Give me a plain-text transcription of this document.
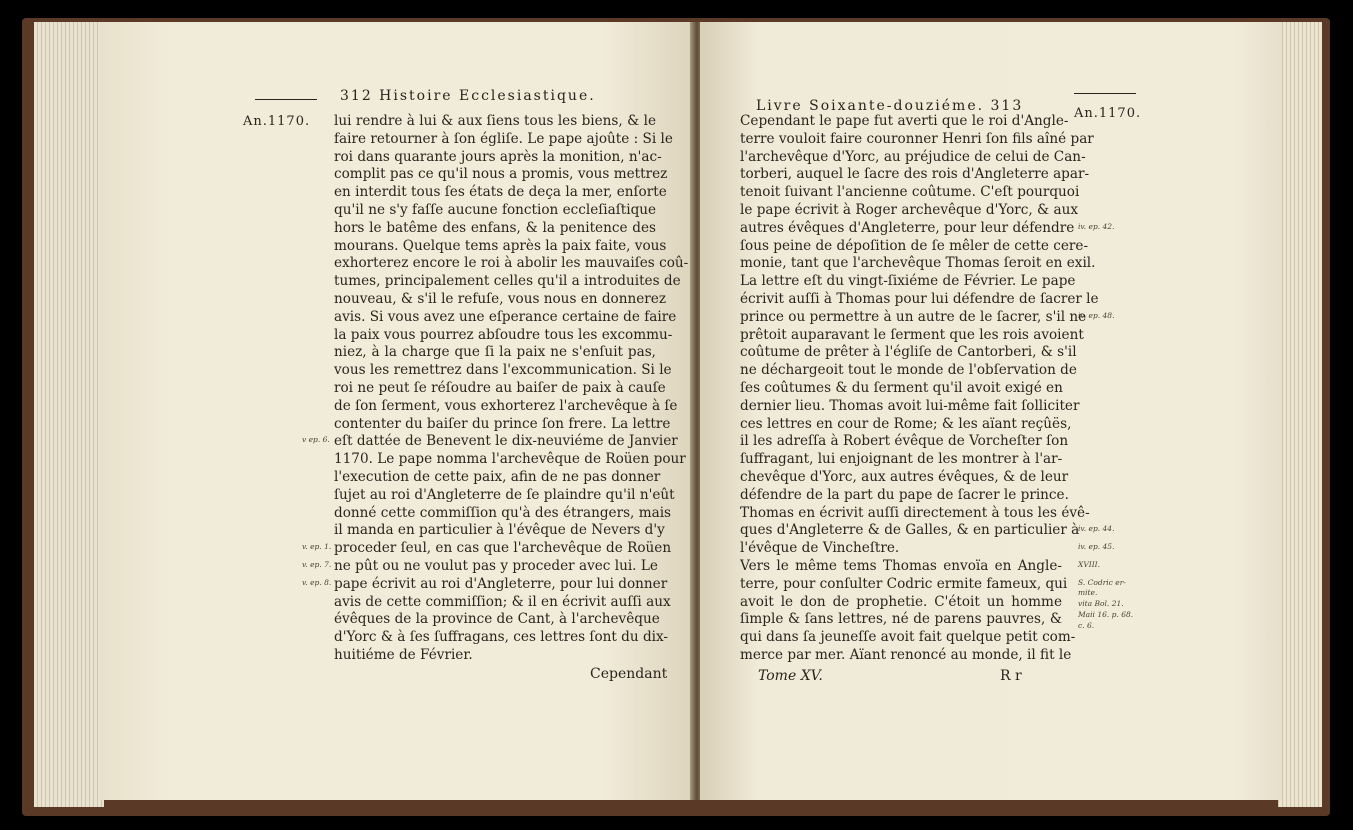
312 Histoire Ecclesiastique.
An.1170. lui rendre à lui & aux ſiens tous les biens, & le
faire retourner à ſon égliſe. Le pape ajoûte : Si le
roi dans quarante jours après la monition, n'ac-
complit pas ce qu'il nous a promis, vous mettrez
en interdit tous ſes états de deça la mer, enſorte
qu'il ne s'y faſſe aucune fonction eccleſiaſtique
hors le batême des enfans, & la penitence des
mourans. Quelque tems après la paix faite, vous
exhorterez encore le roi à abolir les mauvaiſes coû-
tumes, principalement celles qu'il a introduites de
nouveau, & s'il le refuſe, vous nous en donnerez
avis. Si vous avez une eſperance certaine de faire
la paix vous pourrez abſoudre tous les excommu-
niez, à la charge que ſi la paix ne s'enſuit pas,
vous les remettrez dans l'excommunication. Si le
roi ne peut ſe réſoudre au baiſer de paix à cauſe
de ſon ſerment, vous exhorterez l'archevêque à ſe
contenter du baiſer du prince ſon frere. La lettre
eſt dattée de Benevent le dix-neuviéme de Janvier
1170. Le pape nomma l'archevêque de Roüen pour
l'execution de cette paix, afin de ne pas donner
ſujet au roi d'Angleterre de ſe plaindre qu'il n'eût
donné cette commiſſion qu'à des étrangers, mais
il manda en particulier à l'évêque de Nevers d'y
proceder ſeul, en cas que l'archevêque de Roüen
ne pût ou ne voulut pas y proceder avec lui. Le
pape écrivit au roi d'Angleterre, pour lui donner
avis de cette commiſſion; & il en écrivit auſſi aux
évêques de la province de Cant, à l'archevêque
d'Yorc & à ſes ſuffragans, ces lettres ſont du dix-
huitiéme de Février.
Cependant
v ep. 6.
v. ep. 1.
v. ep. 7.
v. ep. 8.
Livre Soixante-douziéme. 313	An.1170.
Cependant le pape fut averti que le roi d'Angle-
terre vouloit faire couronner Henri ſon fils aîné par
l'archevêque d'Yorc, au préjudice de celui de Can-
torberi, auquel le ſacre des rois d'Angleterre apar-
tenoit ſuivant l'ancienne coûtume. C'eſt pourquoi
le pape écrivit à Roger archevêque d'Yorc, & aux
autres évêques d'Angleterre, pour leur défendre
ſous peine de dépoſition de ſe mêler de cette cere-
monie, tant que l'archevêque Thomas ſeroit en exil.
La lettre eſt du vingt-ſixiéme de Février. Le pape
écrivit auſſi à Thomas pour lui défendre de ſacrer le
prince ou permettre à un autre de le ſacrer, s'il ne
prêtoit auparavant le ſerment que les rois avoient
coûtume de prêter à l'égliſe de Cantorberi, & s'il
ne déchargeoit tout le monde de l'obſervation de
ſes coûtumes & du ſerment qu'il avoit exigé en
dernier lieu. Thomas avoit lui-même fait ſolliciter
ces lettres en cour de Rome; & les aïant reçûës,
il les adreſſa à Robert évêque de Vorcheſter ſon
ſuffragant, lui enjoignant de les montrer à l'ar-
chevêque d'Yorc, aux autres évêques, & de leur
défendre de la part du pape de ſacrer le prince.
Thomas en écrivit auſſi directement à tous les évê-
ques d'Angleterre & de Galles, & en particulier à
l'évêque de Vincheſtre.
Vers le même tems Thomas envoïa en Angle-
terre, pour conſulter Codric ermite fameux, qui
avoit le don de prophetie. C'étoit un homme
ſimple & ſans lettres, né de parens pauvres, &
qui dans ſa jeuneſſe avoit fait quelque petit com-
merce par mer. Aïant renoncé au monde, il fit le
Tome XV.	R r
iv. ep. 42.
iv. ep. 48.
iv. ep. 44.
iv. ep. 45.
XVIII.
S. Codric er-
mite.
vita Bol. 21.
Maii 16. p. 68.
c. 6.
